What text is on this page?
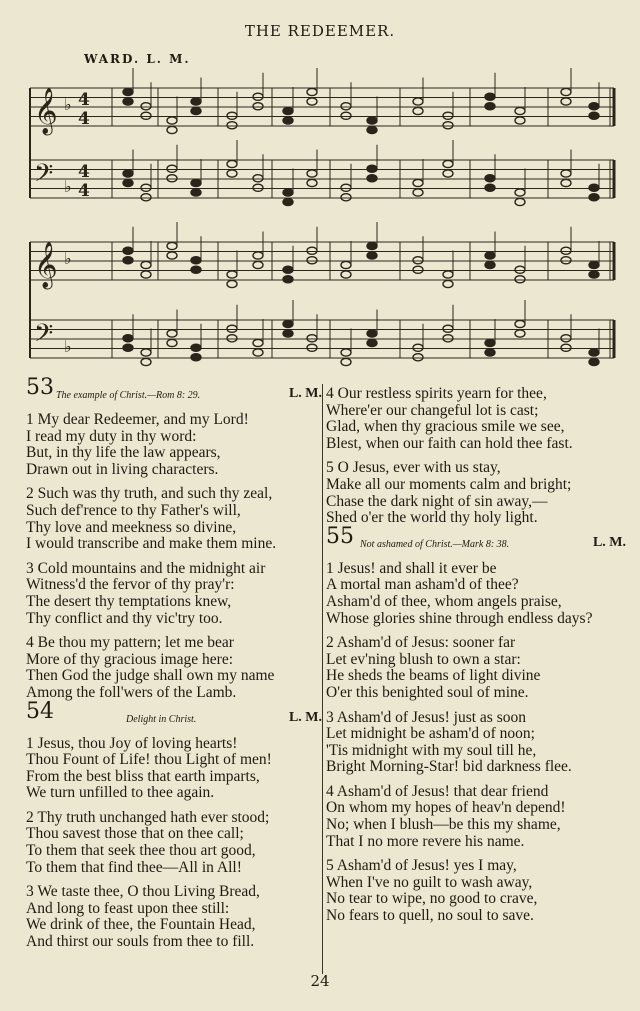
THE REDEEMER.
WARD. L. M.
𝄞 ♭ 4
4
𝄢 ♭
4
4
𝄞 ♭
𝄢 ♭
53 The example of Christ.—Rom 8: 29.	L. M.
1 My dear Redeemer, and my Lord!
I read my duty in thy word:
But, in thy life the law appears,
Drawn out in living characters.
2 Such was thy truth, and such thy zeal,
Such def'rence to thy Father's will,
Thy love and meekness so divine,
I would transcribe and make them mine.
3 Cold mountains and the midnight air
Witness'd the fervor of thy pray'r:
The desert thy temptations knew,
Thy conflict and thy vic'try too.
4 Be thou my pattern; let me bear
More of thy gracious image here:
Then God the judge shall own my name
Among the foll'wers of the Lamb.
54	Delight in Christ.	L. M.
1 Jesus, thou Joy of loving hearts!
Thou Fount of Life! thou Light of men!
From the best bliss that earth imparts,
We turn unfilled to thee again.
2 Thy truth unchanged hath ever stood;
Thou savest those that on thee call;
To them that seek thee thou art good,
To them that find thee—All in All!
3 We taste thee, O thou Living Bread,
And long to feast upon thee still:
We drink of thee, the Fountain Head,
And thirst our souls from thee to fill.
4 Our restless spirits yearn for thee,
Where'er our changeful lot is cast;
Glad, when thy gracious smile we see,
Blest, when our faith can hold thee fast.
5 O Jesus, ever with us stay,
Make all our moments calm and bright;
Chase the dark night of sin away,—
Shed o'er the world thy holy light.
55 Not ashamed of Christ.—Mark 8: 38.	L. M.
1 Jesus! and shall it ever be
A mortal man asham'd of thee?
Asham'd of thee, whom angels praise,
Whose glories shine through endless days?
2 Asham'd of Jesus: sooner far
Let ev'ning blush to own a star:
He sheds the beams of light divine
O'er this benighted soul of mine.
3 Asham'd of Jesus! just as soon
Let midnight be asham'd of noon;
'Tis midnight with my soul till he,
Bright Morning-Star! bid darkness flee.
4 Asham'd of Jesus! that dear friend
On whom my hopes of heav'n depend!
No; when I blush—be this my shame,
That I no more revere his name.
5 Asham'd of Jesus! yes I may,
When I've no guilt to wash away,
No tear to wipe, no good to crave,
No fears to quell, no soul to save.
24
